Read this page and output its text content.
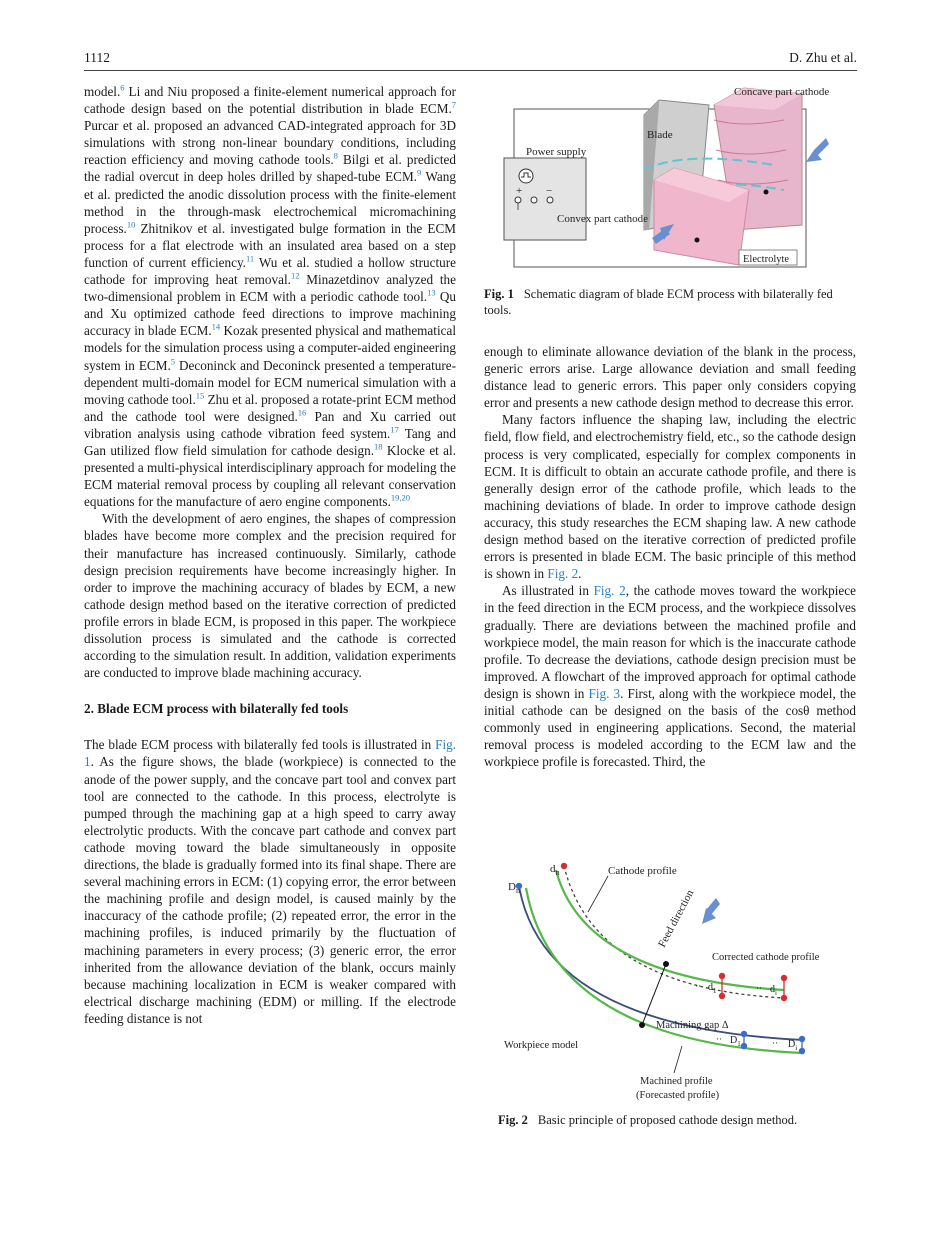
1112	D. Zhu et al.

model.$^6$ Li and Niu proposed a finite-element numerical approach for cathode design based on the potential distribution in blade ECM.$^7$ Purcar et al. proposed an advanced CAD-integrated approach for 3D simulations with strong non-linear boundary conditions, including reaction efficiency and moving cathode tools.$^8$ Bilgi et al. predicted the radial overcut in deep holes drilled by shaped-tube ECM.$^9$ Wang et al. predicted the anodic dissolution process with the finite-element method in the through-mask electrochemical micromachining process.$^{10}$ Zhitnikov et al. investigated bulge formation in the ECM process for a flat electrode with an insulated area based on a step function of current efficiency.$^{11}$ Wu et al. studied a hollow structure cathode for improving heat removal.$^{12}$ Minazetdinov analyzed the two-dimensional problem in ECM with a periodic cathode tool.$^{13}$ Qu and Xu optimized cathode feed directions to improve machining accuracy in blade ECM.$^{14}$ Kozak presented physical and mathematical models for the simulation process using a computer-aided engineering system in ECM.$^5$ Deconinck and Deconinck presented a temperature-dependent multi-domain model for ECM numerical simulation with a moving cathode tool.$^{15}$ Zhu et al. proposed a rotate-print ECM method and the cathode tool were designed.$^{16}$ Pan and Xu carried out vibration analysis using cathode vibration feed system.$^{17}$ Tang and Gan utilized flow field simulation for cathode design.$^{18}$ Klocke et al. presented a multi-physical interdisciplinary approach for modeling the ECM material removal process by coupling all relevant conservation equations for the manufacture of aero engine components.$^{19,20}$

With the development of aero engines, the shapes of compression blades have become more complex and the precision required for their manufacture has increased continuously. Similarly, cathode design precision requirements have become increasingly higher. In order to improve the machining accuracy of blades by ECM, a new cathode design method based on the iterative correction of predicted profile errors in blade ECM, is proposed in this paper. The workpiece dissolution process is simulated and the cathode is corrected according to the simulation result. In addition, validation experiments are conducted to improve blade machining accuracy.

2. Blade ECM process with bilaterally fed tools

The blade ECM process with bilaterally fed tools is illustrated in Fig. 1. As the figure shows, the blade (workpiece) is connected to the anode of the power supply, and the concave part tool and convex part tool are connected to the cathode. In this process, electrolyte is pumped through the machining gap at a high speed to carry away electrolytic products. With the concave part cathode and convex part cathode moving toward the blade simultaneously in opposite directions, the blade is gradually formed into its final shape. There are several machining errors in ECM: (1) copying error, the error between the machining profile and design model, is caused mainly by the inaccuracy of the cathode profile; (2) repeated error, the error in the machining profiles, is induced primarily by the fluctuation of machining parameters in every process; (3) generic error, the error inherited from the allowance deviation of the blank, occurs mainly because machining localization in ECM is weaker compared with electrical discharge machining (EDM) or milling. If the electrode feeding distance is not

+ −
Power supply
Blade
Concave part cathode
Convex part cathode
Electrolyte
Fig. 1 Schematic diagram of blade ECM process with bilaterally fed tools.

enough to eliminate allowance deviation of the blank in the process, generic errors arise. Large allowance deviation and small feeding distance lead to generic errors. This paper only considers copying error and presents a new cathode design method to decrease this error.

Many factors influence the shaping law, including the electric field, flow field, and electrochemistry field, etc., so the cathode design process is very complicated, especially for complex components in ECM. It is difficult to obtain an accurate cathode profile, and there is generally design error of the cathode profile, which leads to the machining deviations of blade. In order to improve cathode design accuracy, this study researches the ECM shaping law. A new cathode design method based on the iterative correction of predicted profile errors is presented in blade ECM. The basic principle of this method is shown in Fig. 2.

As illustrated in Fig. 2, the cathode moves toward the workpiece in the feed direction in the ECM process, and the workpiece dissolves gradually. There are deviations between the machined profile and workpiece model, the main reason for which is the inaccurate cathode profile. To decrease the deviations, cathode design precision must be improved. A flowchart of the improved approach for optimal cathode design is shown in Fig. 3. First, along with the workpiece model, the initial cathode can be designed on the basis of the cosθ method commonly used in engineering applications. Second, the material removal process is modeled according to the ECM law and the workpiece profile is forecasted. Third, the

$d_n$
$D_n$
Cathode profile
Feed direction
Corrected cathode profile
$d_1$	$d_i$
··	··
Machining gap Δ
Workpiece model	$D_1$	$D_i$
··	··
Machined profile
(Forecasted profile)
Fig. 2 Basic principle of proposed cathode design method.
